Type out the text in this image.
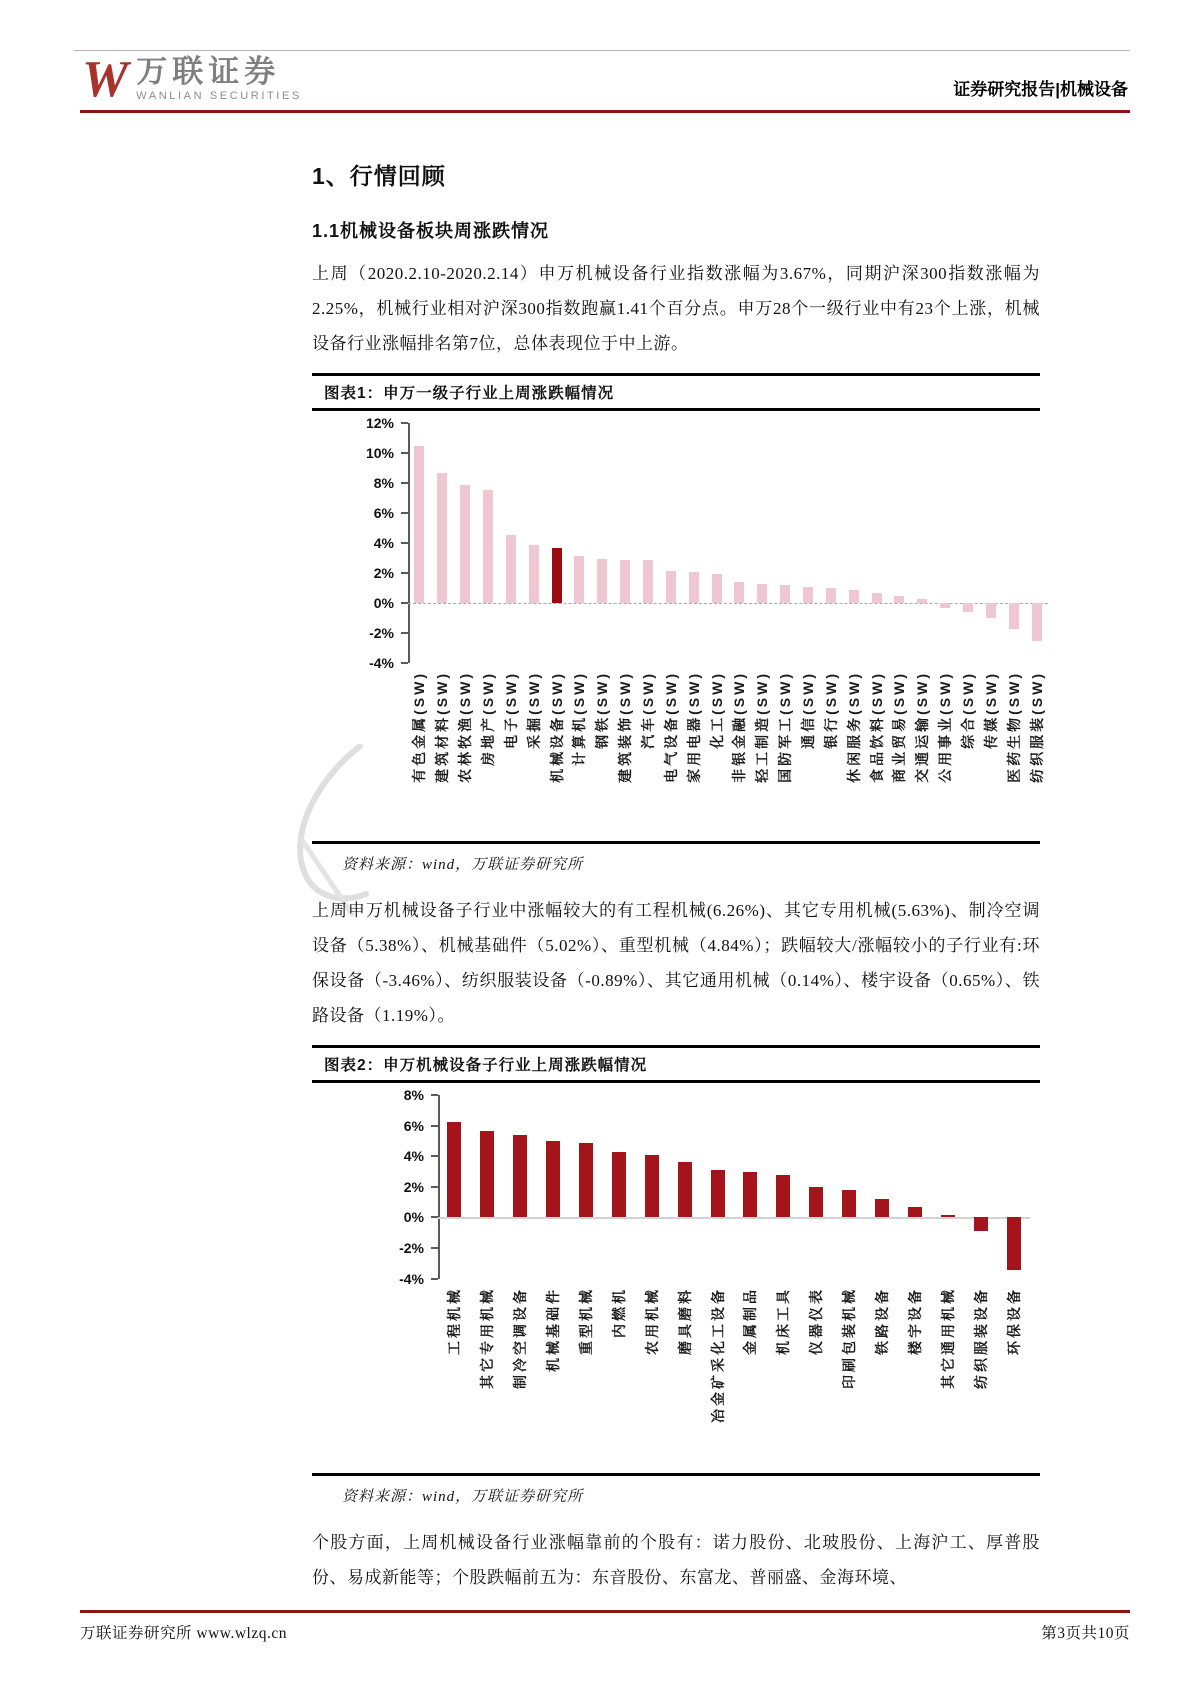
W 万联证券
WANLIAN SECURITIES	证券研究报告|机械设备
1、行情回顾
1.1机械设备板块周涨跌情况
上周（2020.2.10-2020.2.14）申万机械设备行业指数涨幅为3.67%，同期沪深300指数涨幅为2.25%，机械行业相对沪深300指数跑赢1.41个百分点。申万28个一级行业中有23个上涨，机械设备行业涨幅排名第7位，总体表现位于中上游。
图表1：申万一级子行业上周涨跌幅情况
12%
10%
8%
6%
4%
2%
0%
-2%
-4%
有色金属(SW) 建筑材料(SW) 农林牧渔(SW) 房地产(SW) 电子(SW) 采掘(SW) 机械设备(SW) 计算机(SW) 钢铁(SW) 建筑装饰(SW) 汽车(SW) 电气设备(SW) 家用电器(SW) 化工(SW) 非银金融(SW) 轻工制造(SW) 国防军工(SW) 通信(SW) 银行(SW) 休闲服务(SW) 食品饮料(SW) 商业贸易(SW) 交通运输(SW) 公用事业(SW) 综合(SW) 传媒(SW) 医药生物(SW) 纺织服装(SW)
资料来源：wind，万联证券研究所
上周申万机械设备子行业中涨幅较大的有工程机械(6.26%)、其它专用机械(5.63%)、制冷空调设备（5.38%）、机械基础件（5.02%）、重型机械（4.84%）；跌幅较大/涨幅较小的子行业有:环保设备（-3.46%）、纺织服装设备（-0.89%）、其它通用机械（0.14%）、楼宇设备（0.65%）、铁路设备（1.19%）。
图表2：申万机械设备子行业上周涨跌幅情况
8%
6%
4%
2%
0%
-2%
-4%
工程机械 其它专用机械 制冷空调设备 机械基础件 重型机械 内燃机 农用机械 磨具磨料 冶金矿采化工设备 金属制品 机床工具 仪器仪表 印刷包装机械 铁路设备 楼宇设备 其它通用机械 纺织服装设备 环保设备
资料来源：wind，万联证券研究所
个股方面，上周机械设备行业涨幅靠前的个股有：诺力股份、北玻股份、上海沪工、厚普股份、易成新能等；个股跌幅前五为：东音股份、东富龙、普丽盛、金海环境、
万联证券研究所 www.wlzq.cn	第3页共10页
